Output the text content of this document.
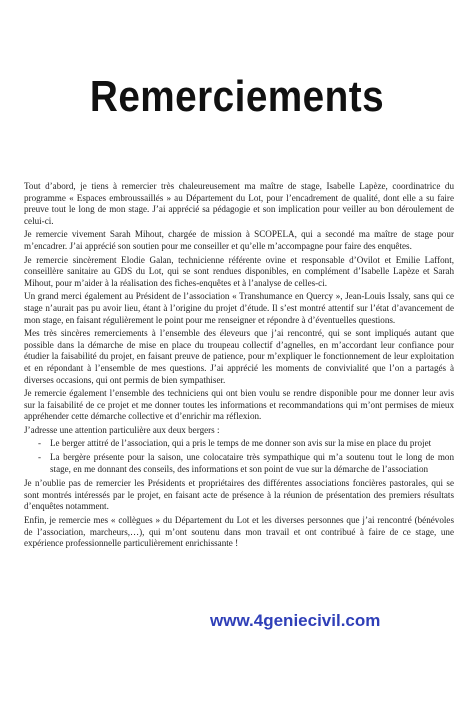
Remerciements

Tout d’abord, je tiens à remercier très chaleureusement ma maître de stage, Isabelle Lapèze, coordinatrice du programme « Espaces embroussaillés » au Département du Lot, pour l’encadrement de qualité, dont elle a su faire preuve tout le long de mon stage. J’ai apprécié sa pédagogie et son implication pour veiller au bon déroulement de celui-ci.

Je remercie vivement Sarah Mihout, chargée de mission à SCOPELA, qui a secondé ma maître de stage pour m’encadrer. J’ai apprécié son soutien pour me conseiller et qu’elle m’accompagne pour faire des enquêtes.

Je remercie sincèrement Elodie Galan, technicienne référente ovine et responsable d’Ovilot et Emilie Laffont, conseillère sanitaire au GDS du Lot, qui se sont rendues disponibles, en complément d’Isabelle Lapèze et Sarah Mihout, pour m’aider à la réalisation des fiches-enquêtes et à l’analyse de celles-ci.

Un grand merci également au Président de l’association « Transhumance en Quercy », Jean-Louis Issaly, sans qui ce stage n’aurait pas pu avoir lieu, étant à l’origine du projet d’étude. Il s’est montré attentif sur l’état d’avancement de mon stage, en faisant régulièrement le point pour me renseigner et répondre à d’éventuelles questions.

Mes très sincères remerciements à l’ensemble des éleveurs que j’ai rencontré, qui se sont impliqués autant que possible dans la démarche de mise en place du troupeau collectif d’agnelles, en m’accordant leur confiance pour étudier la faisabilité du projet, en faisant preuve de patience, pour m’expliquer le fonctionnement de leur exploitation et en répondant à l’ensemble de mes questions. J’ai apprécié les moments de convivialité que l’on a partagés à diverses occasions, qui ont permis de bien sympathiser.

Je remercie également l’ensemble des techniciens qui ont bien voulu se rendre disponible pour me donner leur avis sur la faisabilité de ce projet et me donner toutes les informations et recommandations qui m’ont permises de mieux appréhender cette démarche collective et d’enrichir ma réflexion.

J’adresse une attention particulière aux deux bergers :

- Le berger attitré de l’association, qui a pris le temps de me donner son avis sur la mise en place du projet
- La bergère présente pour la saison, une colocataire très sympathique qui m’a soutenu tout le long de mon stage, en me donnant des conseils, des informations et son point de vue sur la démarche de l’association

Je n’oublie pas de remercier les Présidents et propriétaires des différentes associations foncières pastorales, qui se sont montrés intéressés par le projet, en faisant acte de présence à la réunion de présentation des premiers résultats d’enquêtes notamment.

Enfin, je remercie mes « collègues » du Département du Lot et les diverses personnes que j’ai rencontré (bénévoles de l’association, marcheurs,…), qui m’ont soutenu dans mon travail et ont contribué à faire de ce stage, une expérience professionnelle particulièrement enrichissante !

www.4geniecivil.com
